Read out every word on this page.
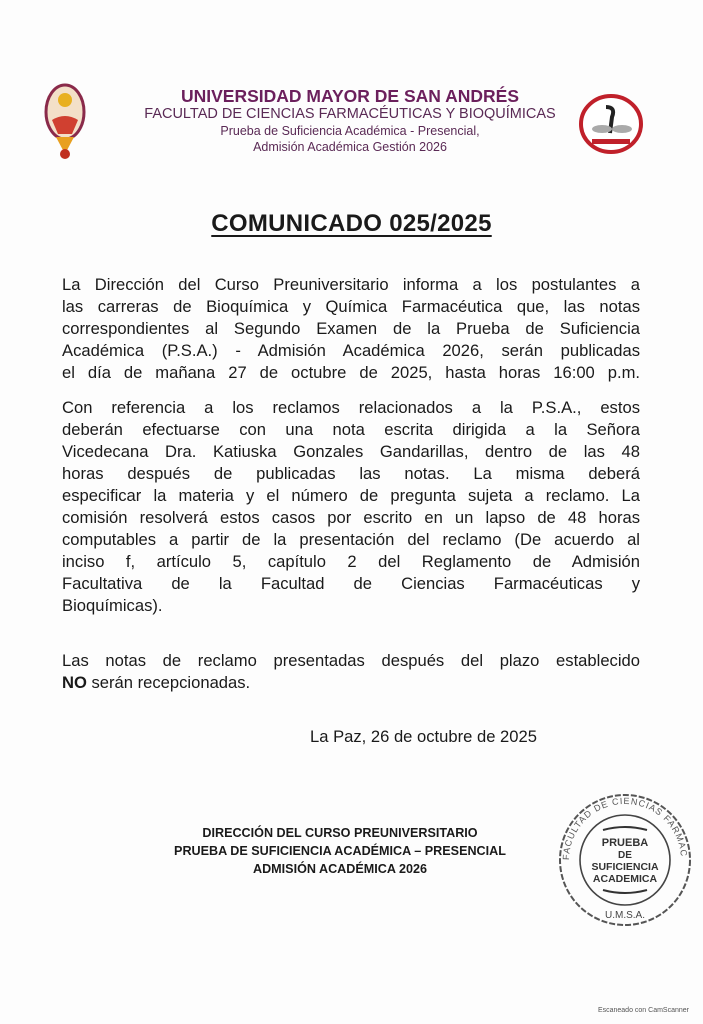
UNIVERSIDAD MAYOR DE SAN ANDRÉS
FACULTAD DE CIENCIAS FARMACÉUTICAS Y BIOQUÍMICAS
Prueba de Suficiencia Académica - Presencial,
Admisión Académica Gestión 2026
COMUNICADO 025/2025
La Dirección del Curso Preuniversitario informa a los postulantes a
las carreras de Bioquímica y Química Farmacéutica que, las notas
correspondientes al Segundo Examen de la Prueba de Suficiencia
Académica (P.S.A.) - Admisión Académica 2026, serán publicadas
el día de mañana 27 de octubre de 2025, hasta horas 16:00 p.m.
Con referencia a los reclamos relacionados a la P.S.A., estos
deberán efectuarse con una nota escrita dirigida a la Señora
Vicedecana Dra. Katiuska Gonzales Gandarillas, dentro de las 48
horas después de publicadas las notas. La misma deberá
especificar la materia y el número de pregunta sujeta a reclamo. La
comisión resolverá estos casos por escrito en un lapso de 48 horas
computables a partir de la presentación del reclamo (De acuerdo al
inciso f, artículo 5, capítulo 2 del Reglamento de Admisión
Facultativa de la Facultad de Ciencias Farmacéuticas y
Bioquímicas).
Las notas de reclamo presentadas después del plazo establecido
NO serán recepcionadas.
La Paz, 26 de octubre de 2025
DIRECCIÓN DEL CURSO PREUNIVERSITARIO
PRUEBA DE SUFICIENCIA ACADÉMICA – PRESENCIAL
ADMISIÓN ACADÉMICA 2026
FACULTAD DE CIENCIAS FARMAC
U.M.S.A.
PRUEBA
DE
SUFICIENCIA
ACADEMICA
Escaneado con CamScanner
